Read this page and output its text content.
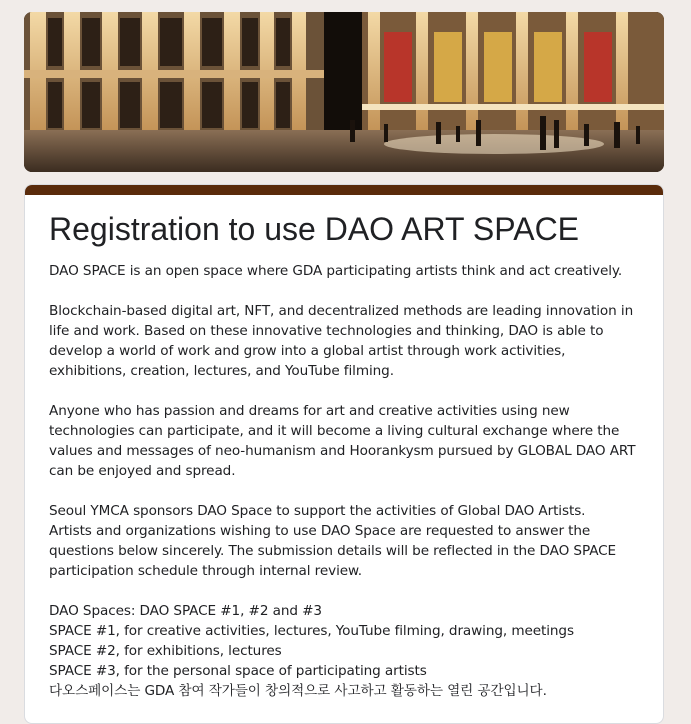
Registration to use DAO ART SPACE

DAO SPACE is an open space where GDA participating artists think and act creatively.

Blockchain-based digital art, NFT, and decentralized methods are leading innovation in life and work. Based on these innovative technologies and thinking, DAO is able to develop a world of work and grow into a global artist through work activities, exhibitions, creation, lectures, and YouTube filming.

Anyone who has passion and dreams for art and creative activities using new technologies can participate, and it will become a living cultural exchange where the values and messages of neo-humanism and Hoorankysm pursued by GLOBAL DAO ART can be enjoyed and spread.

Seoul YMCA sponsors DAO Space to support the activities of Global DAO Artists.

Artists and organizations wishing to use DAO Space are requested to answer the questions below sincerely. The submission details will be reflected in the DAO SPACE participation schedule through internal review.

DAO Spaces: DAO SPACE #1, #2 and #3

SPACE #1, for creative activities, lectures, YouTube filming, drawing, meetings

SPACE #2, for exhibitions, lectures

SPACE #3, for the personal space of participating artists

다오스페이스는 GDA 참여 작가들이 창의적으로 사고하고 활동하는 열린 공간입니다.
